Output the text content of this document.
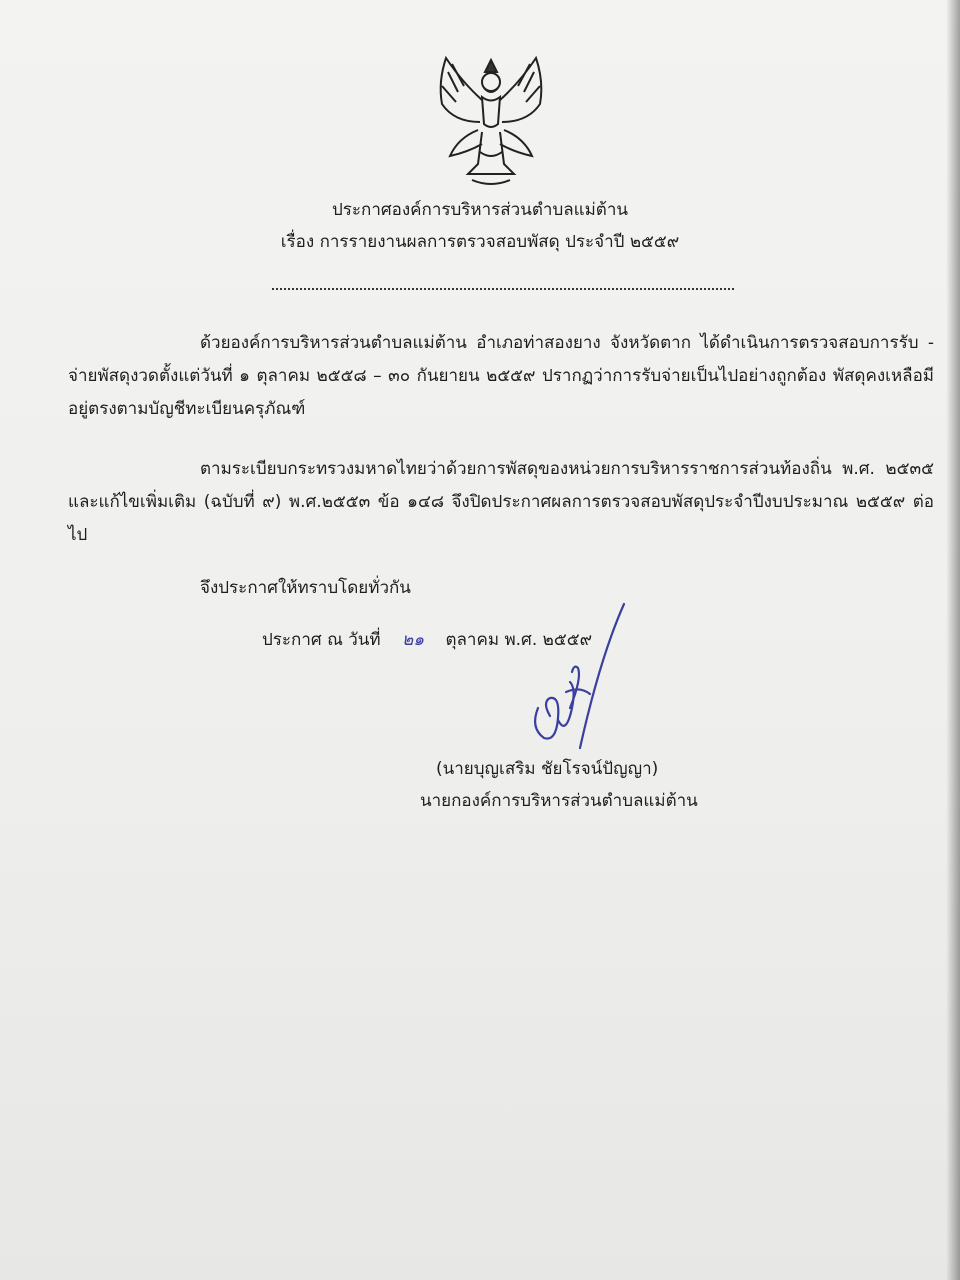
ประกาศองค์การบริหารส่วนตำบลแม่ต้าน
เรื่อง การรายงานผลการตรวจสอบพัสดุ ประจำปี ๒๕๕๙
ด้วยองค์การบริหารส่วนตำบลแม่ต้าน อำเภอท่าสองยาง จังหวัดตาก ได้ดำเนินการตรวจสอบการรับ - จ่ายพัสดุงวดตั้งแต่วันที่ ๑ ตุลาคม ๒๕๕๘ – ๓๐ กันยายน ๒๕๕๙ ปรากฏว่าการรับจ่ายเป็นไปอย่างถูกต้อง พัสดุคงเหลือมีอยู่ตรงตามบัญชีทะเบียนครุภัณฑ์
ตามระเบียบกระทรวงมหาดไทยว่าด้วยการพัสดุของหน่วยการบริหารราชการส่วนท้องถิ่น พ.ศ. ๒๕๓๕ และแก้ไขเพิ่มเติม (ฉบับที่ ๙) พ.ศ.๒๕๕๓ ข้อ ๑๔๘ จึงปิดประกาศผลการตรวจสอบพัสดุประจำปีงบประมาณ ๒๕๕๙ ต่อไป
จึงประกาศให้ทราบโดยทั่วกัน
ประกาศ ณ วันที่ ๒๑ ตุลาคม พ.ศ. ๒๕๕๙
(นายบุญเสริม ชัยโรจน์ปัญญา)
นายกองค์การบริหารส่วนตำบลแม่ต้าน
